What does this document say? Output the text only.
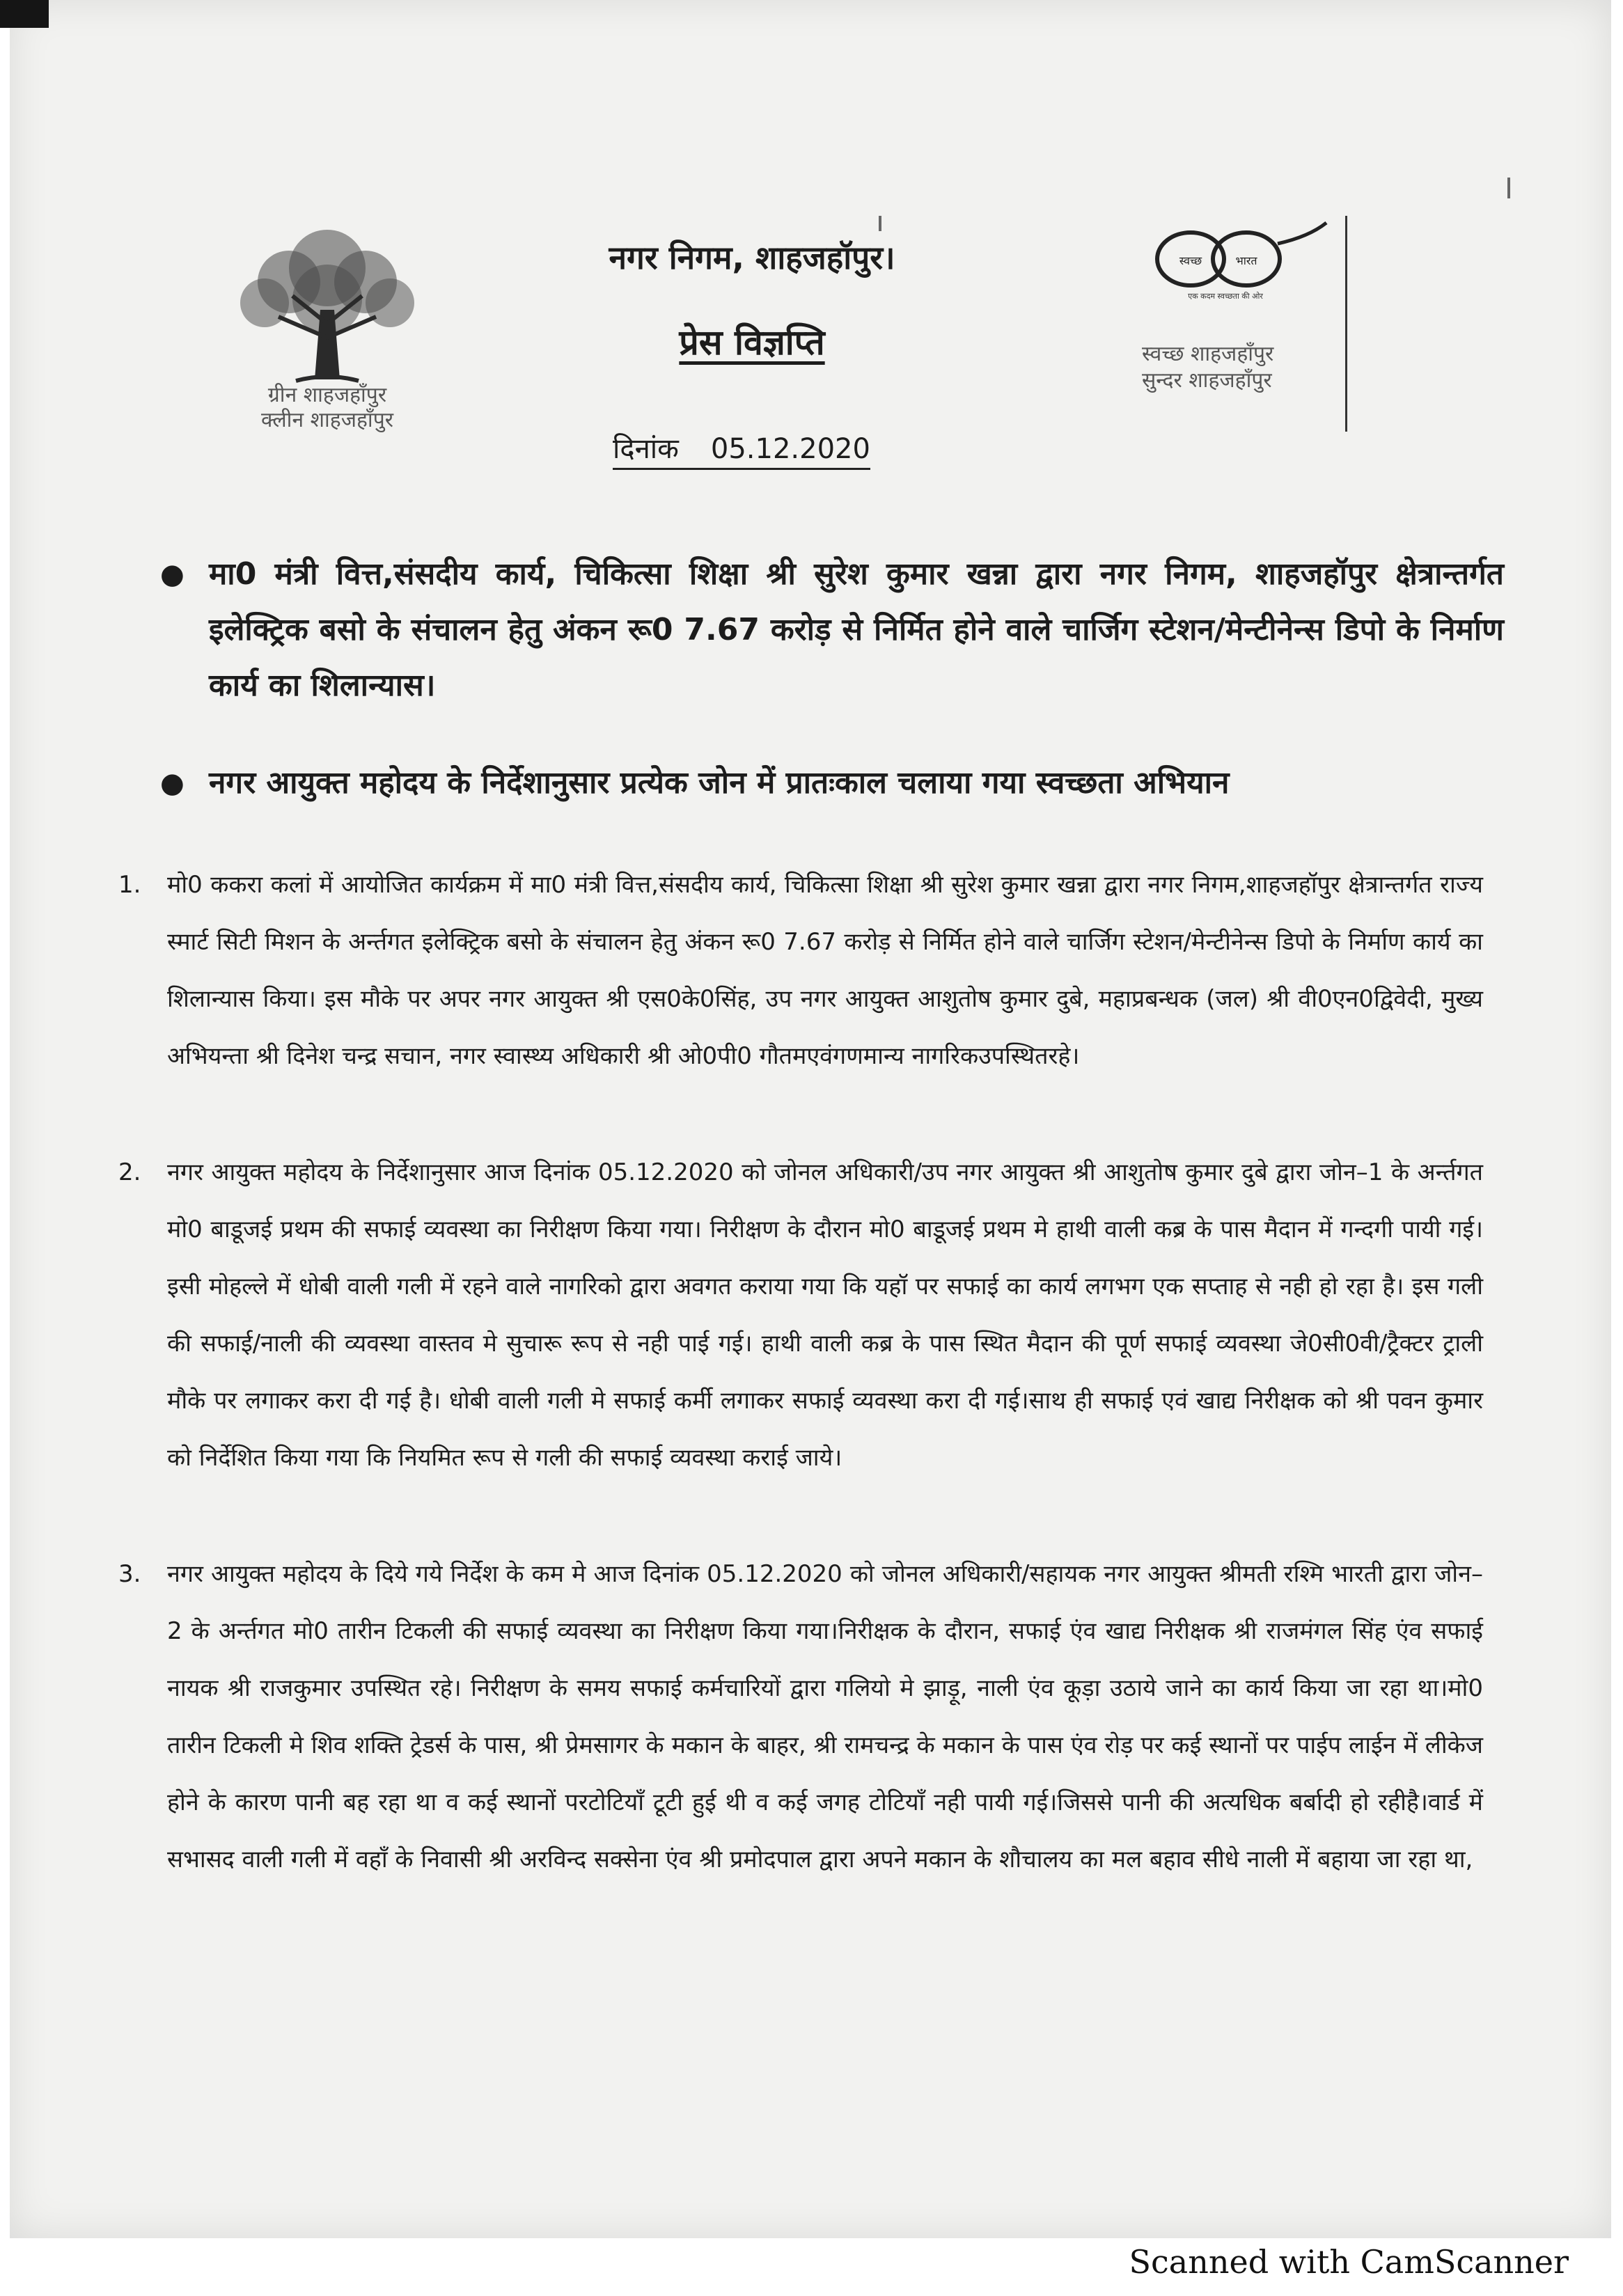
ग्रीन शाहजहाँपुर
क्लीन शाहजहाँपुर
नगर निगम, शाहजहॉपुर।
प्रेस विज्ञप्ति
दिनांक 05.12.2020
स्वच्छ	भारत
एक कदम स्वच्छता की ओर
स्वच्छ शाहजहाँपुर
सुन्दर शाहजहाँपुर
● मा0 मंत्री वित्त,संसदीय कार्य, चिकित्सा शिक्षा श्री सुरेश कुमार खन्ना द्वारा नगर निगम, शाहजहॉपुर क्षेत्रान्तर्गत इलेक्ट्रिक बसो के संचालन हेतु अंकन रू0 7.67 करोड़ से निर्मित होने वाले चार्जिग स्टेशन/मेन्टीनेन्स डिपो के निर्माण कार्य का शिलान्यास।
● नगर आयुक्त महोदय के निर्देशानुसार प्रत्येक जोन में प्रातःकाल चलाया गया स्वच्छता अभियान
1. मो0 ककरा कलां में आयोजित कार्यक्रम में मा0 मंत्री वित्त,संसदीय कार्य, चिकित्सा शिक्षा श्री सुरेश कुमार खन्ना द्वारा नगर निगम,शाहजहॉपुर क्षेत्रान्तर्गत राज्य स्मार्ट सिटी मिशन के अर्न्तगत इलेक्ट्रिक बसो के संचालन हेतु अंकन रू0 7.67 करोड़ से निर्मित होने वाले चार्जिग स्टेशन/मेन्टीनेन्स डिपो के निर्माण कार्य का शिलान्यास किया। इस मौके पर अपर नगर आयुक्त श्री एस0के0सिंह, उप नगर आयुक्त आशुतोष कुमार दुबे, महाप्रबन्धक (जल) श्री वी0एन0द्विवेदी, मुख्य अभियन्ता श्री दिनेश चन्द्र सचान, नगर स्वास्थ्य अधिकारी श्री ओ0पी0 गौतमएवंगणमान्य नागरिकउपस्थितरहे।
2. नगर आयुक्त महोदय के निर्देशानुसार आज दिनांक 05.12.2020 को जोनल अधिकारी/उप नगर आयुक्त श्री आशुतोष कुमार दुबे द्वारा जोन–1 के अर्न्तगत मो0 बाडूजई प्रथम की सफाई व्यवस्था का निरीक्षण किया गया। निरीक्षण के दौरान मो0 बाडूजई प्रथम मे हाथी वाली कब्र के पास मैदान में गन्दगी पायी गई। इसी मोहल्ले में धोबी वाली गली में रहने वाले नागरिको द्वारा अवगत कराया गया कि यहॉ पर सफाई का कार्य लगभग एक सप्ताह से नही हो रहा है। इस गली की सफाई/नाली की व्यवस्था वास्तव मे सुचारू रूप से नही पाई गई। हाथी वाली कब्र के पास स्थित मैदान की पूर्ण सफाई व्यवस्था जे0सी0वी/ट्रैक्टर ट्राली मौके पर लगाकर करा दी गई है। धोबी वाली गली मे सफाई कर्मी लगाकर सफाई व्यवस्था करा दी गई।साथ ही सफाई एवं खाद्य निरीक्षक को श्री पवन कुमार को निर्देशित किया गया कि नियमित रूप से गली की सफाई व्यवस्था कराई जाये।
3. नगर आयुक्त महोदय के दिये गये निर्देश के कम मे आज दिनांक 05.12.2020 को जोनल अधिकारी/सहायक नगर आयुक्त श्रीमती रश्मि भारती द्वारा जोन–2 के अर्न्तगत मो0 तारीन टिकली की सफाई व्यवस्था का निरीक्षण किया गया।निरीक्षक के दौरान, सफाई एंव खाद्य निरीक्षक श्री राजमंगल सिंह एंव सफाई नायक श्री राजकुमार उपस्थित रहे। निरीक्षण के समय सफाई कर्मचारियों द्वारा गलियो मे झाड़ू, नाली एंव कूड़ा उठाये जाने का कार्य किया जा रहा था।मो0 तारीन टिकली मे शिव शक्ति ट्रेडर्स के पास, श्री प्रेमसागर के मकान के बाहर, श्री रामचन्द्र के मकान के पास एंव रोड़ पर कई स्थानों पर पाईप लाईन में लीकेज होने के कारण पानी बह रहा था व कई स्थानों परटोटियाँ टूटी हुई थी व कई जगह टोटियाँ नही पायी गई।जिससे पानी की अत्यधिक बर्बादी हो रहीहै।वार्ड में सभासद वाली गली में वहाँ के निवासी श्री अरविन्द सक्सेना एंव श्री प्रमोदपाल द्वारा अपने मकान के शौचालय का मल बहाव सीधे नाली में बहाया जा रहा था,
Scanned with CamScanner
